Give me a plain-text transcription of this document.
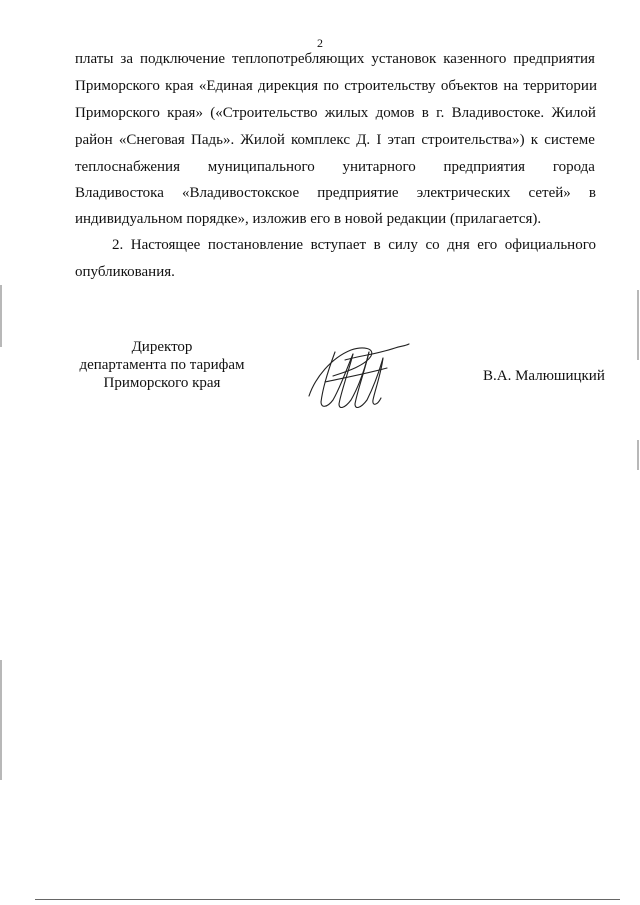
2
платы за подключение теплопотребляющих установок казенного предприятия
Приморского края «Единая дирекция по строительству объектов на территории
Приморского края» («Строительство жилых домов в г. Владивостоке. Жилой
район «Снеговая Падь». Жилой комплекс Д. I этап строительства») к системе
теплоснабжения муниципального унитарного предприятия города
Владивостока «Владивостокское предприятие электрических сетей» в
индивидуальном порядке», изложив его в новой редакции (прилагается).
2. Настоящее постановление вступает в силу со дня его официального
опубликования.
Директор
департамента по тарифам
Приморского края	В.А. Малюшицкий
